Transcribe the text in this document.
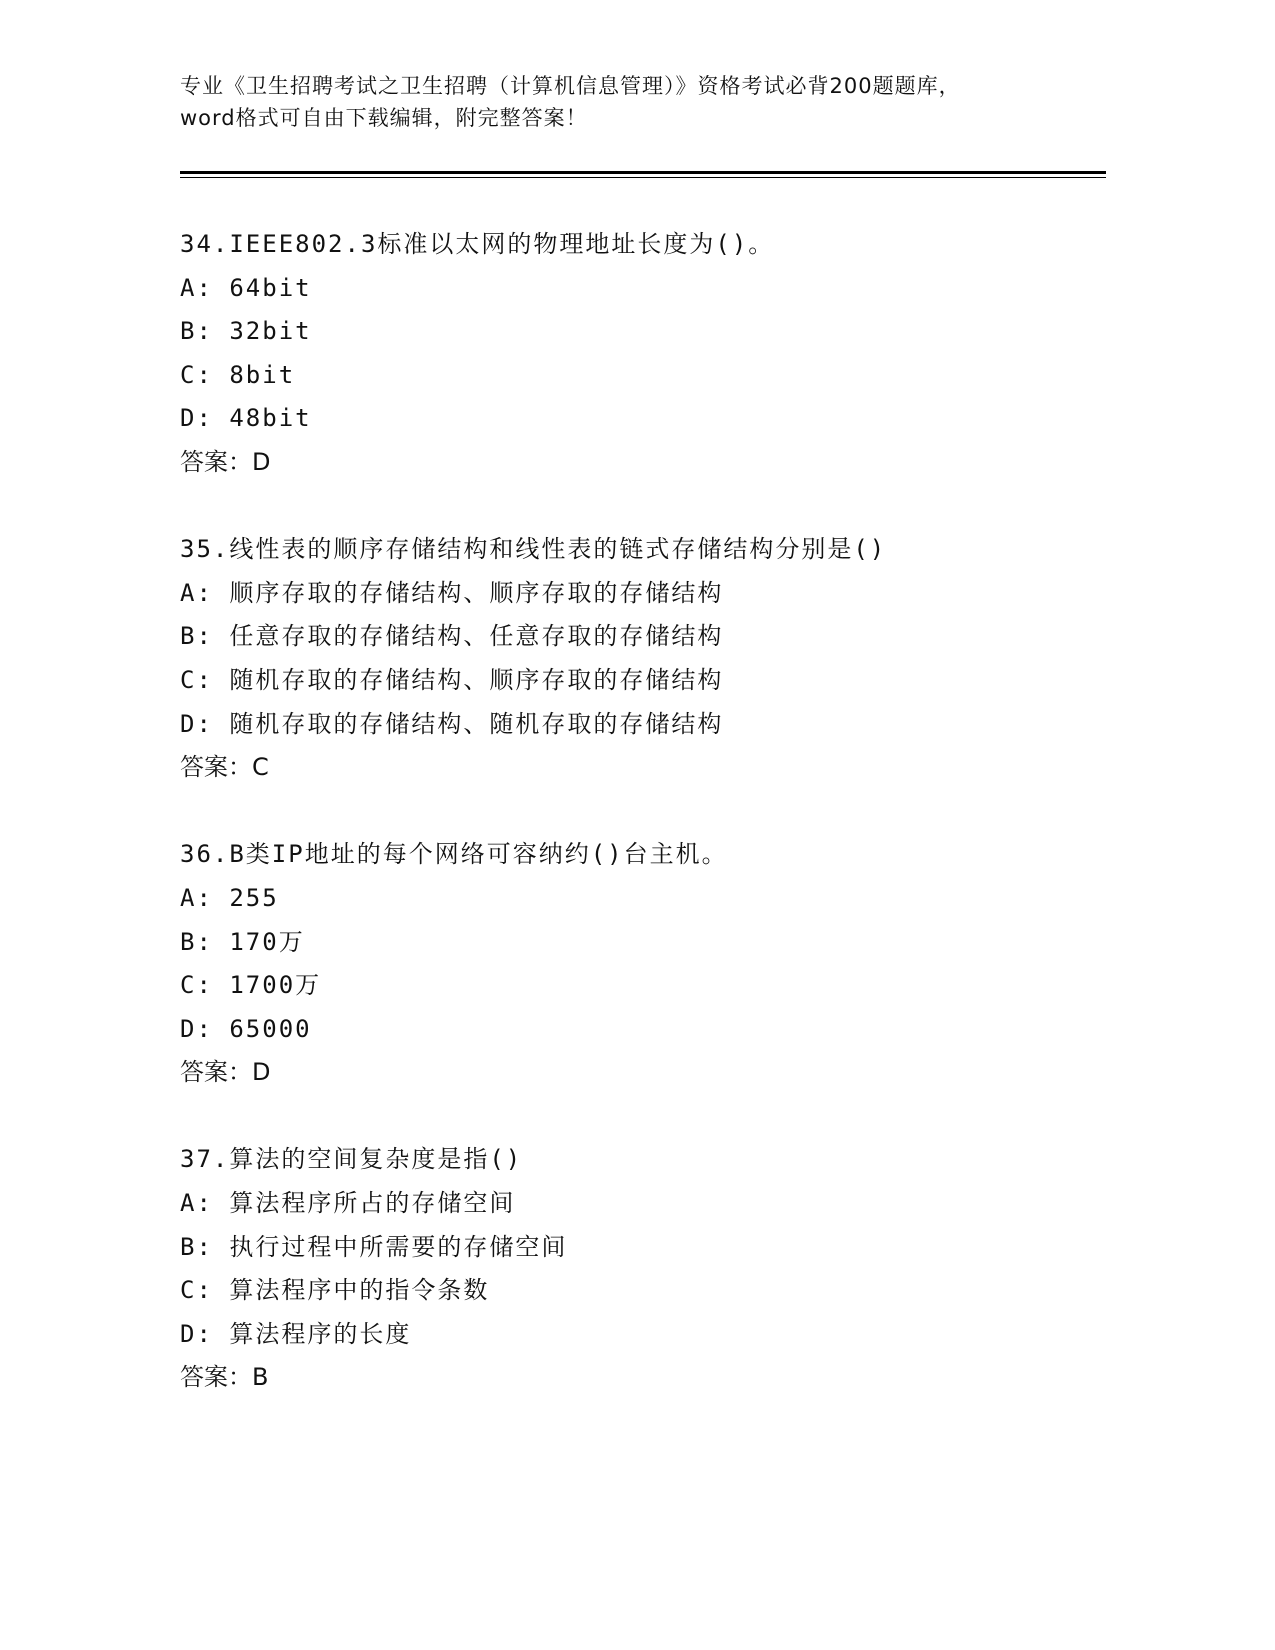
专业《卫生招聘考试之卫生招聘（计算机信息管理）》资格考试必背200题题库，
word格式可自由下载编辑，附完整答案！
34.IEEE802.3标准以太网的物理地址长度为()。
A: 64bit
B: 32bit
C: 8bit
D: 48bit
答案：D
35.线性表的顺序存储结构和线性表的链式存储结构分别是()
A: 顺序存取的存储结构、顺序存取的存储结构
B: 任意存取的存储结构、任意存取的存储结构
C: 随机存取的存储结构、顺序存取的存储结构
D: 随机存取的存储结构、随机存取的存储结构
答案：C
36.B类IP地址的每个网络可容纳约()台主机。
A: 255
B: 170万
C: 1700万
D: 65000
答案：D
37.算法的空间复杂度是指()
A: 算法程序所占的存储空间
B: 执行过程中所需要的存储空间
C: 算法程序中的指令条数
D: 算法程序的长度
答案：B
